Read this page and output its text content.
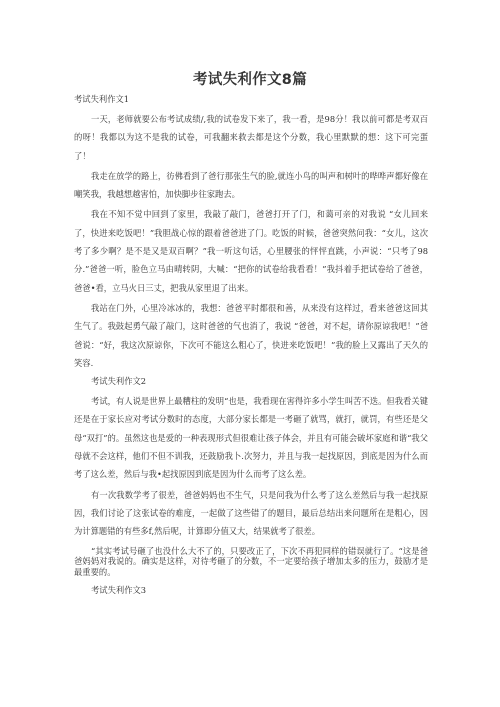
考试失利作文8篇
考试失利作文1

一天，老师就要公布考试成绩/,我的试卷发下来了，我一看，是98分！我以前可都是考双百的呀！我都以为这不是我的试卷，可我翻来救去都是这个分数，我心里默默的想：这下可完蛋了！

我走在放学的路上，彷佛看到了爸行那张生气的脸,就连小鸟的叫声和树叶的哗哗声都好像在嘲笑我，我越想越害怕，加快脚步往家跑去。

我在不知不觉中回到了家里，我敲了敲门，爸爸打开了门，和蔼可亲的对我说 “女儿回来了，快进来吃饭吧！”我胆战心惊的跟着爸爸进了门。吃饭的时候，爸爸突然问我：“女儿，这次考了多少啊？是不是又是双百啊？”我一听这句话，心里腰张的怦怦直跳，小声说：“只考了98分.”爸爸一听，脸色立马由晴转阴，大喊：“把你的试卷给我看看！”我抖着手把试卷给了爸爸，爸爸•看，立马火日三丈，把我从家里退了出来。

我站在门外，心里冷冰冰的，我想：爸爸平时都很和善，从来没有这样过，看来爸爸这回其生气了。我鼓起勇气敲了敲门，这时爸爸的气也消了，我说 “爸爸，对不起，请你原谅我吧！”爸爸说：“好，我这次原谅你，下次可不能这么粗心了，快进来吃饭吧！”我的脸上又露出了天久的笑容.

考试失利作文2

考试，有人说是世界上最糟柱的发明“也是，我看现在害得许多小学生叫苦不迭。但我看关键还是在于家长应对考试分数时的态度，大部分家长都是一考砸了就骂，就打，就罚，有些还是父母“双打”的。虽然这也是爱的一种表现形式但很难让孩子体会，并且有可能会破坏家庭和谐“我父母就不会这样，他们不但不训我，还鼓励我卜.次努力，并且与我一起找原因，到底是因为什么而考了这么差，然后与我•起找原因到底是因为什么而考了这么差。

有一次我数学考了很差，爸爸妈妈也不生气，只是问我为什么考了这么差然后与我一起找原因，我们讨论了这张试卷的难度，一起做了这些错了的题目，最后总结出来问题所在是粗心，因为计算题错的有些多f,然后呢，计算即分值又大，结果就考了很差。

“其实考试号砸了也没什么大不了的，只要改正了，下次不再犯同样的错误就行了。“这是爸爸妈妈对我说的。确实是这样，对待考砸了的分数，不一定要给孩子增加太多的压力，鼓励才是最重要的。

考试失利作文3
